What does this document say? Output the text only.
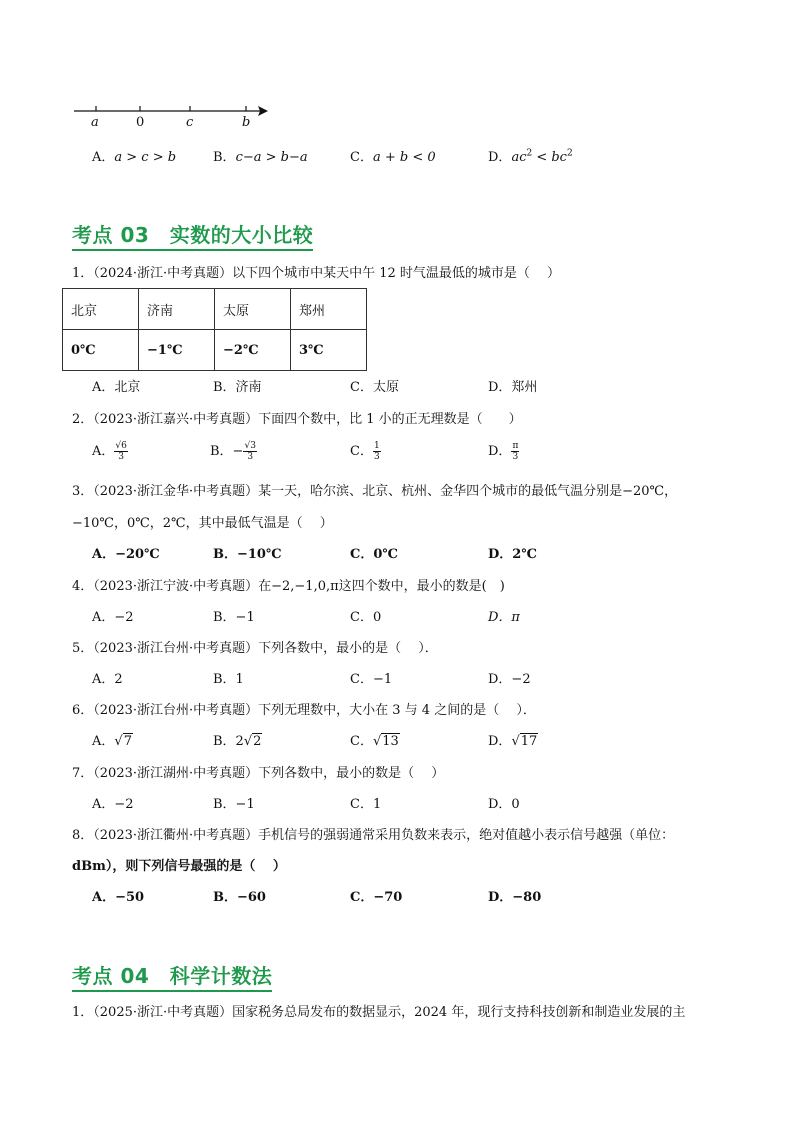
a	0	c	b
A．a > c > b	B．c−a > b−a	C．a + b < 0	D．$ac^2 < bc^2$
考点 03　实数的大小比较
1．（2024·浙江·中考真题）以下四个城市中某天中午 12 时气温最低的城市是（　 ）
北京	济南	太原	郑州
0℃	−1℃	−2℃	3℃
A．北京	B．济南	C．太原	D．郑州
2．（2023·浙江嘉兴·中考真题）下面四个数中，比 1 小的正无理数是（　　）
A． $\frac{√6}{3}$	B．− $\frac{√3}{3}$	C． $\frac{1}{3}$	D． $\frac{\pi}{3}$
3．（2023·浙江金华·中考真题）某一天，哈尔滨、北京、杭州、金华四个城市的最低气温分别是−20℃，
−10℃，0℃，2℃，其中最低气温是（　 ）
A．−20℃	B．−10℃	C．0℃	D．2℃
4．（2023·浙江宁波·中考真题）在−2,−1,0,π这四个数中，最小的数是(　)
A．−2	B．−1	C．0	D．π
5．（2023·浙江台州·中考真题）下列各数中，最小的是（　 ）．
A．2	B．1	C．−1	D．−2
6．（2023·浙江台州·中考真题）下列无理数中，大小在 3 与 4 之间的是（　 ）．
A．√7	B．2√2	C．√13	D．√17
7．（2023·浙江湖州·中考真题）下列各数中，最小的数是（　 ）
A．−2	B．−1	C．1	D．0
8．（2023·浙江衢州·中考真题）手机信号的强弱通常采用负数来表示，绝对值越小表示信号越强（单位：
dBm），则下列信号最强的是（　 ）
A．−50	B．−60	C．−70	D．−80
考点 04　科学计数法
1．（2025·浙江·中考真题）国家税务总局发布的数据显示，2024 年，现行支持科技创新和制造业发展的主
